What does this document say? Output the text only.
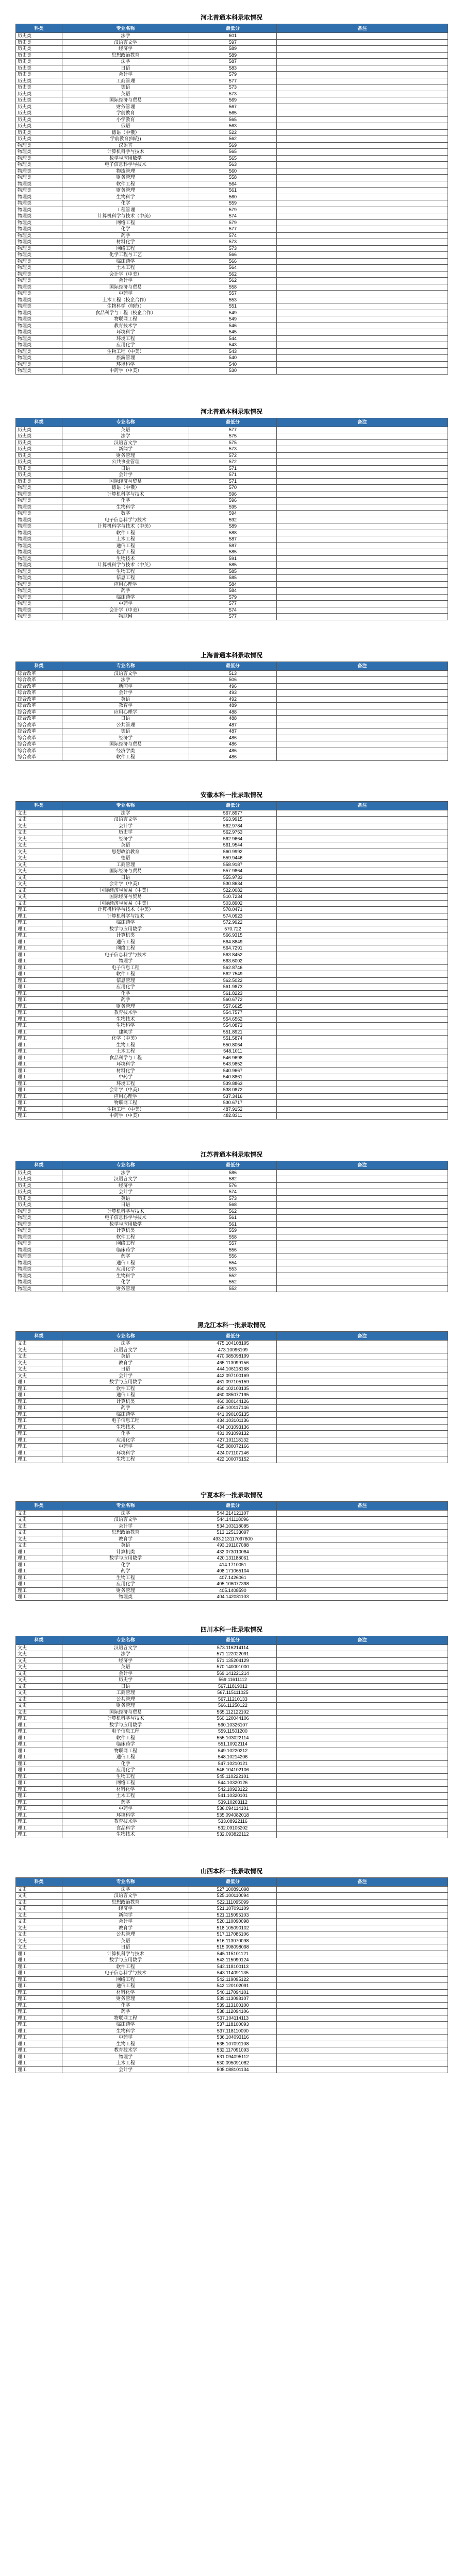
河北普通本科录取情况
科类	专业名称	最低分	备注
历史类	法学	601	
历史类	汉语言文学	597	
历史类	经济学	589	
历史类	思想政治教育	589	
历史类	法学	587	
历史类	日语	583	
历史类	会计学	579	
历史类	工商管理	577	
历史类	德语	573	
历史类	英语	573	
历史类	国际经济与贸易	569	
历史类	财务管理	567	
历史类	学前教育	565	
历史类	小学教育	565	
历史类	俄语	563	
历史类	德语（中俄）	522	
历史类	学前教育(师范)	562	
物理类	汉语言	569	
物理类	计算机科学与技术	565	
物理类	数学与应用数学	565	
物理类	电子信息科学与技术	563	
物理类	物流管理	560	
物理类	财务管理	558	
物理类	软件工程	564	
物理类	财务管理	561	
物理类	生物科学	560	
物理类	化学	559	
物理类	工程管理	579	
物理类	计算机科学与技术（中美）	574	
物理类	网络工程	579	
物理类	化学	577	
物理类	药学	574	
物理类	材料化学	573	
物理类	网络工程	573	
物理类	化学工程与工艺	566	
物理类	临床药学	566	
物理类	土木工程	564	
物理类	会计学（中美）	562	
物理类	会计学	562	
物理类	国际经济与贸易	558	
物理类	中药学	557	
物理类	土木工程（校企合作）	553	
物理类	生物科学（师范）	551	
物理类	食品科学与工程（校企合作）	549	
物理类	物联网工程	549	
物理类	教育技术学	546	
物理类	环境科学	545	
物理类	环境工程	544	
物理类	应用化学	543	
物理类	生物工程（中美）	543	
物理类	旅游管理	540	
物理类	环境科学	540	
物理类	中药学（中美）	530	
河北普通本科录取情况
科类	专业名称	最低分	备注
历史类	英语	577	
历史类	法学	575	
历史类	汉语言文学	575	
历史类	新闻学	573	
历史类	财务管理	572	
历史类	公共事业管理	572	
历史类	日语	571	
历史类	会计学	571	
历史类	国际经济与贸易	571	
物理类	德语（中俄）	570	
物理类	计算机科学与技术	596	
物理类	化学	596	
物理类	生物科学	595	
物理类	数学	594	
物理类	电子信息科学与技术	592	
物理类	计算机科学与技术（中美）	589	
物理类	软件工程	588	
物理类	土木工程	587	
物理类	通信工程	587	
物理类	化学工程	585	
物理类	生物技术	591	
物理类	计算机科学与技术（中英）	585	
物理类	生物工程	585	
物理类	信息工程	585	
物理类	应用心理学	584	
物理类	药学	584	
物理类	临床药学	579	
物理类	中药学	577	
物理类	会计学（中美）	574	
物理类	物联网	577	
上海普通本科录取情况
科类	专业名称	最低分	备注
综合改革	汉语言文学	513	
综合改革	法学	506	
综合改革	新闻学	496	
综合改革	会计学	493	
综合改革	英语	492	
综合改革	教育学	489	
综合改革	应用心理学	488	
综合改革	日语	488	
综合改革	公共管理	487	
综合改革	德语	487	
综合改革	经济学	486	
综合改革	国际经济与贸易	486	
综合改革	经济学类	486	
综合改革	软件工程	486	
安徽本科一批录取情况
科类	专业名称	最低分	备注
文史	法学	567.8977	
文史	汉语言文学	563.9915	
文史	会计学	562.9784	
文史	历史学	562.9753	
文史	经济学	562.9664	
文史	英语	561.9544	
文史	思想政治教育	560.9992	
文史	德语	559.9446	
文史	工商管理	558.9187	
文史	国际经济与贸易	557.9864	
文史	日语	555.9733	
文史	会计学（中美）	530.8634	
文史	国际经济与贸易（中美）	522.0082	
文史	国际经济与贸易	510.7234	
文史	国际经济与贸易（中美）	503.8902	
理工	计算机科学与技术（中美）	578.0471	
理工	计算机科学与技术	574.0923	
理工	临床药学	572.9922	
理工	数学与应用数学	570.722	
理工	计算机类	566.9315	
理工	通信工程	564.8849	
理工	网络工程	564.7291	
理工	电子信息科学与技术	563.8452	
理工	物理学	563.6002	
理工	电子信息工程	562.8746	
理工	软件工程	562.7549	
理工	信息管理	562.5022	
理工	应用化学	561.9873	
理工	化学	561.8223	
理工	药学	560.6772	
理工	财务管理	557.6625	
理工	教育技术学	554.7577	
理工	生物技术	554.6562	
理工	生物科学	554.0873	
理工	建筑学	551.8921	
理工	化学（中美）	551.5874	
理工	生物工程	550.8064	
理工	土木工程	548.1011	
理工	食品科学与工程	546.9698	
理工	环境科学	543.9852	
理工	材料化学	540.9667	
理工	中药学	540.8861	
理工	环境工程	539.8863	
理工	会计学（中美）	538.0872	
理工	应用心理学	537.3416	
理工	物联网工程	530.6717	
理工	生物工程（中美）	487.9152	
理工	中药学（中美）	482.8311	
江苏普通本科录取情况
科类	专业名称	最低分	备注
历史类	法学	586	
历史类	汉语言文学	582	
历史类	经济学	576	
历史类	会计学	574	
历史类	英语	573	
历史类	日语	568	
物理类	计算机科学与技术	562	
物理类	电子信息科学与技术	561	
物理类	数学与应用数学	561	
物理类	计算机类	559	
物理类	软件工程	558	
物理类	网络工程	557	
物理类	临床药学	556	
物理类	药学	556	
物理类	通信工程	554	
物理类	应用化学	553	
物理类	生物科学	552	
物理类	化学	552	
物理类	财务管理	552	
黑龙江本科一批录取情况
科类	专业名称	最低分	备注
文史	法学	475.104108195	
文史	汉语言文学	473.10096109	
文史	英语	470.085098199	
文史	教育学	465.113099156	
文史	日语	444.106118168	
文史	会计学	442.097100169	
理工	数学与应用数学	461.097105159	
理工	软件工程	460.102103135	
理工	通信工程	460.085077195	
理工	计算机类	460.080144126	
理工	药学	456.100117146	
理工	临床药学	441.090105135	
理工	电子信息工程	434.103101136	
理工	生物技术	434.101093136	
理工	化学	431.091099132	
理工	应用化学	427.101118132	
理工	中药学	425.080072166	
理工	环境科学	424.071107146	
理工	生物工程	422.100075152	
宁夏本科一批录取情况
科类	专业名称	最低分	备注
文史	法学	544.214121107	
文史	汉语言文学	544.141118096	
文史	会计学	534.103118085	
文史	思想政治教育	513.125133097	
文史	教育学	493.213117097600	
文史	英语	493.191107088	
理工	计算机类	432.073010064	
理工	数学与应用数学	420.131188061	
理工	化学	414.1710051	
理工	药学	408.171065104	
理工	生物工程	407.1426061	
理工	应用化学	405.106077398	
理工	财务管理	405.1408590	
理工	物理类	404.142081103	
四川本科一批录取情况
科类	专业名称	最低分	备注
文史	汉语言文学	573.116214114	
文史	法学	571.122022091	
文史	经济学	571.135204129	
文史	英语	570.140001000	
文史	会计学	569.141221214	
文史	历史学	569.11611112	
文史	日语	567.11819012	
文史	工商管理	567.115111025	
文史	公共管理	567.11210133	
文史	财务管理	566.11250122	
文史	国际经济与贸易	565.112122102	
理工	计算机科学与技术	560.120044106	
理工	数学与应用数学	560.10326107	
理工	电子信息工程	559.11501200	
理工	软件工程	555.103022114	
理工	临床药学	551.10922114	
理工	物联网工程	549.10220212	
理工	通信工程	548.10214206	
理工	化学	547.10210121	
理工	应用化学	546.104102106	
理工	生物工程	545.110222101	
理工	网络工程	544.10320126	
理工	材料化学	542.10923122	
理工	土木工程	541.10320101	
理工	药学	539.10203112	
理工	中药学	536.094114101	
理工	环境科学	535.094082018	
理工	教育技术学	533.08922116	
理工	食品科学	532.09106202	
理工	生物技术	532.093822112	
山西本科一批录取情况
科类	专业名称	最低分	备注
文史	法学	527.100891098	
文史	汉语言文学	525.100110094	
文史	思想政治教育	522.111095099	
文史	经济学	521.107091109	
文史	新闻学	521.115095103	
文史	会计学	520.110090098	
文史	教育学	518.105090102	
文史	公共管理	517.117086106	
文史	英语	516.113070098	
文史	日语	515.098098098	
理工	计算机科学与技术	545.115101121	
理工	数学与应用数学	543.115090124	
理工	软件工程	542.118100113	
理工	电子信息科学与技术	543.114091135	
理工	网络工程	542.119095122	
理工	通信工程	542.120102091	
理工	材料化学	540.117094101	
理工	财务管理	539.113098107	
理工	化学	539.113100100	
理工	药学	538.112094106	
理工	物联网工程	537.104114113	
理工	临床药学	537.118100093	
理工	生物科学	537.118110090	
理工	中药学	536.104093116	
理工	生物工程	535.107091108	
理工	教育技术学	532.117091093	
理工	物理学	531.094095112	
理工	土木工程	530.095091082	
理工	会计学	505.088101134	
